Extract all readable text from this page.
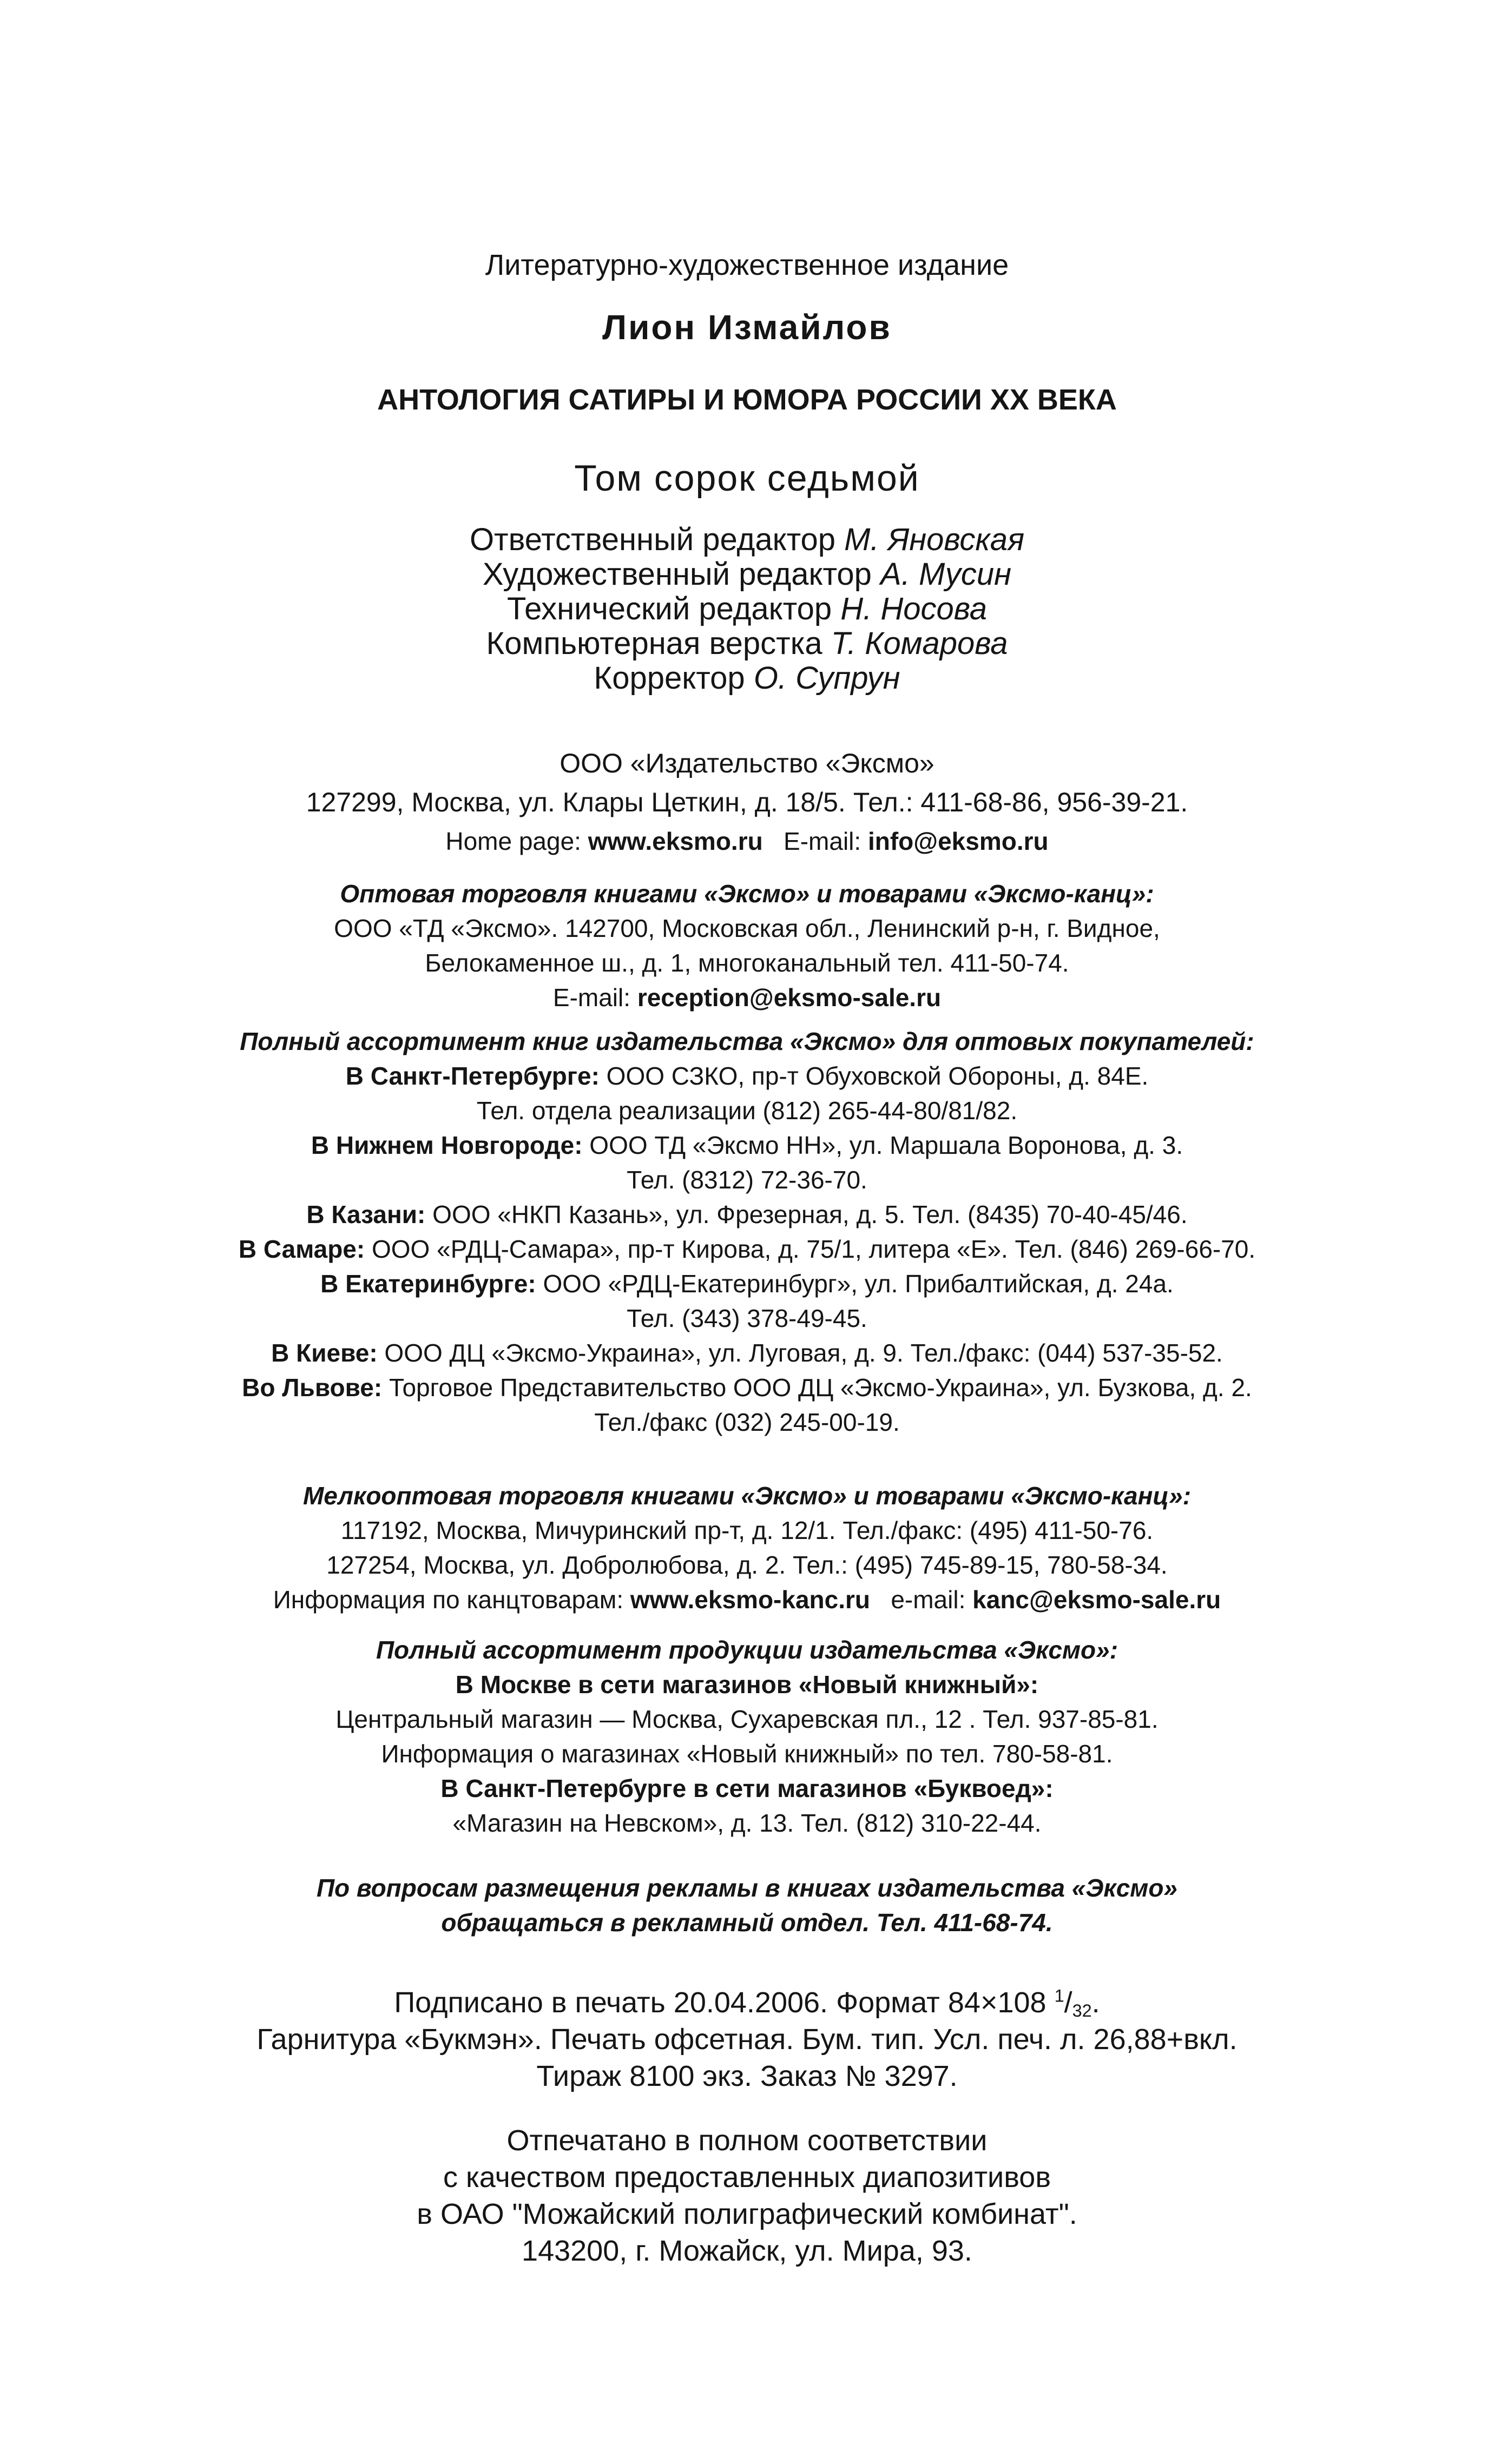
Литературно-художественное издание
Лион Измайлов
АНТОЛОГИЯ САТИРЫ И ЮМОРА РОССИИ XX ВЕКА
Том сорок седьмой
Ответственный редактор М. Яновская
Художественный редактор А. Мусин
Технический редактор Н. Носова
Компьютерная верстка Т. Комарова
Корректор О. Супрун
ООО «Издательство «Эксмо»
127299, Москва, ул. Клары Цеткин, д. 18/5. Тел.: 411-68-86, 956-39-21.
Home page: www.eksmo.ru E-mail: info@eksmo.ru
Оптовая торговля книгами «Эксмо» и товарами «Эксмо-канц»:
ООО «ТД «Эксмо». 142700, Московская обл., Ленинский р-н, г. Видное,
Белокаменное ш., д. 1, многоканальный тел. 411-50-74.
E-mail: reception@eksmo-sale.ru
Полный ассортимент книг издательства «Эксмо» для оптовых покупателей:
В Санкт-Петербурге: ООО СЗКО, пр-т Обуховской Обороны, д. 84Е.
Тел. отдела реализации (812) 265-44-80/81/82.
В Нижнем Новгороде: ООО ТД «Эксмо НН», ул. Маршала Воронова, д. 3.
Тел. (8312) 72-36-70.
В Казани: ООО «НКП Казань», ул. Фрезерная, д. 5. Тел. (8435) 70-40-45/46.
В Самаре: ООО «РДЦ-Самара», пр-т Кирова, д. 75/1, литера «Е». Тел. (846) 269-66-70.
В Екатеринбурге: ООО «РДЦ-Екатеринбург», ул. Прибалтийская, д. 24а.
Тел. (343) 378-49-45.
В Киеве: ООО ДЦ «Эксмо-Украина», ул. Луговая, д. 9. Тел./факс: (044) 537-35-52.
Во Львове: Торговое Представительство ООО ДЦ «Эксмо-Украина», ул. Бузкова, д. 2.
Тел./факс (032) 245-00-19.
Мелкооптовая торговля книгами «Эксмо» и товарами «Эксмо-канц»:
117192, Москва, Мичуринский пр-т, д. 12/1. Тел./факс: (495) 411-50-76.
127254, Москва, ул. Добролюбова, д. 2. Тел.: (495) 745-89-15, 780-58-34.
Информация по канцтоварам: www.eksmo-kanc.ru   e-mail: kanc@eksmo-sale.ru
Полный ассортимент продукции издательства «Эксмо»:
В Москве в сети магазинов «Новый книжный»:
Центральный магазин — Москва, Сухаревская пл., 12 . Тел. 937-85-81.
Информация о магазинах «Новый книжный» по тел. 780-58-81.
В Санкт-Петербурге в сети магазинов «Буквоед»:
«Магазин на Невском», д. 13. Тел. (812) 310-22-44.
По вопросам размещения рекламы в книгах издательства «Эксмо»
обращаться в рекламный отдел. Тел. 411-68-74.
Подписано в печать 20.04.2006. Формат 84×108 $^1/_{32}$.
Гарнитура «Букмэн». Печать офсетная. Бум. тип. Усл. печ. л. 26,88+вкл.
Тираж 8100 экз. Заказ № 3297.
Отпечатано в полном соответствии
с качеством предоставленных диапозитивов
в ОАО "Можайский полиграфический комбинат".
143200, г. Можайск, ул. Мира, 93.
